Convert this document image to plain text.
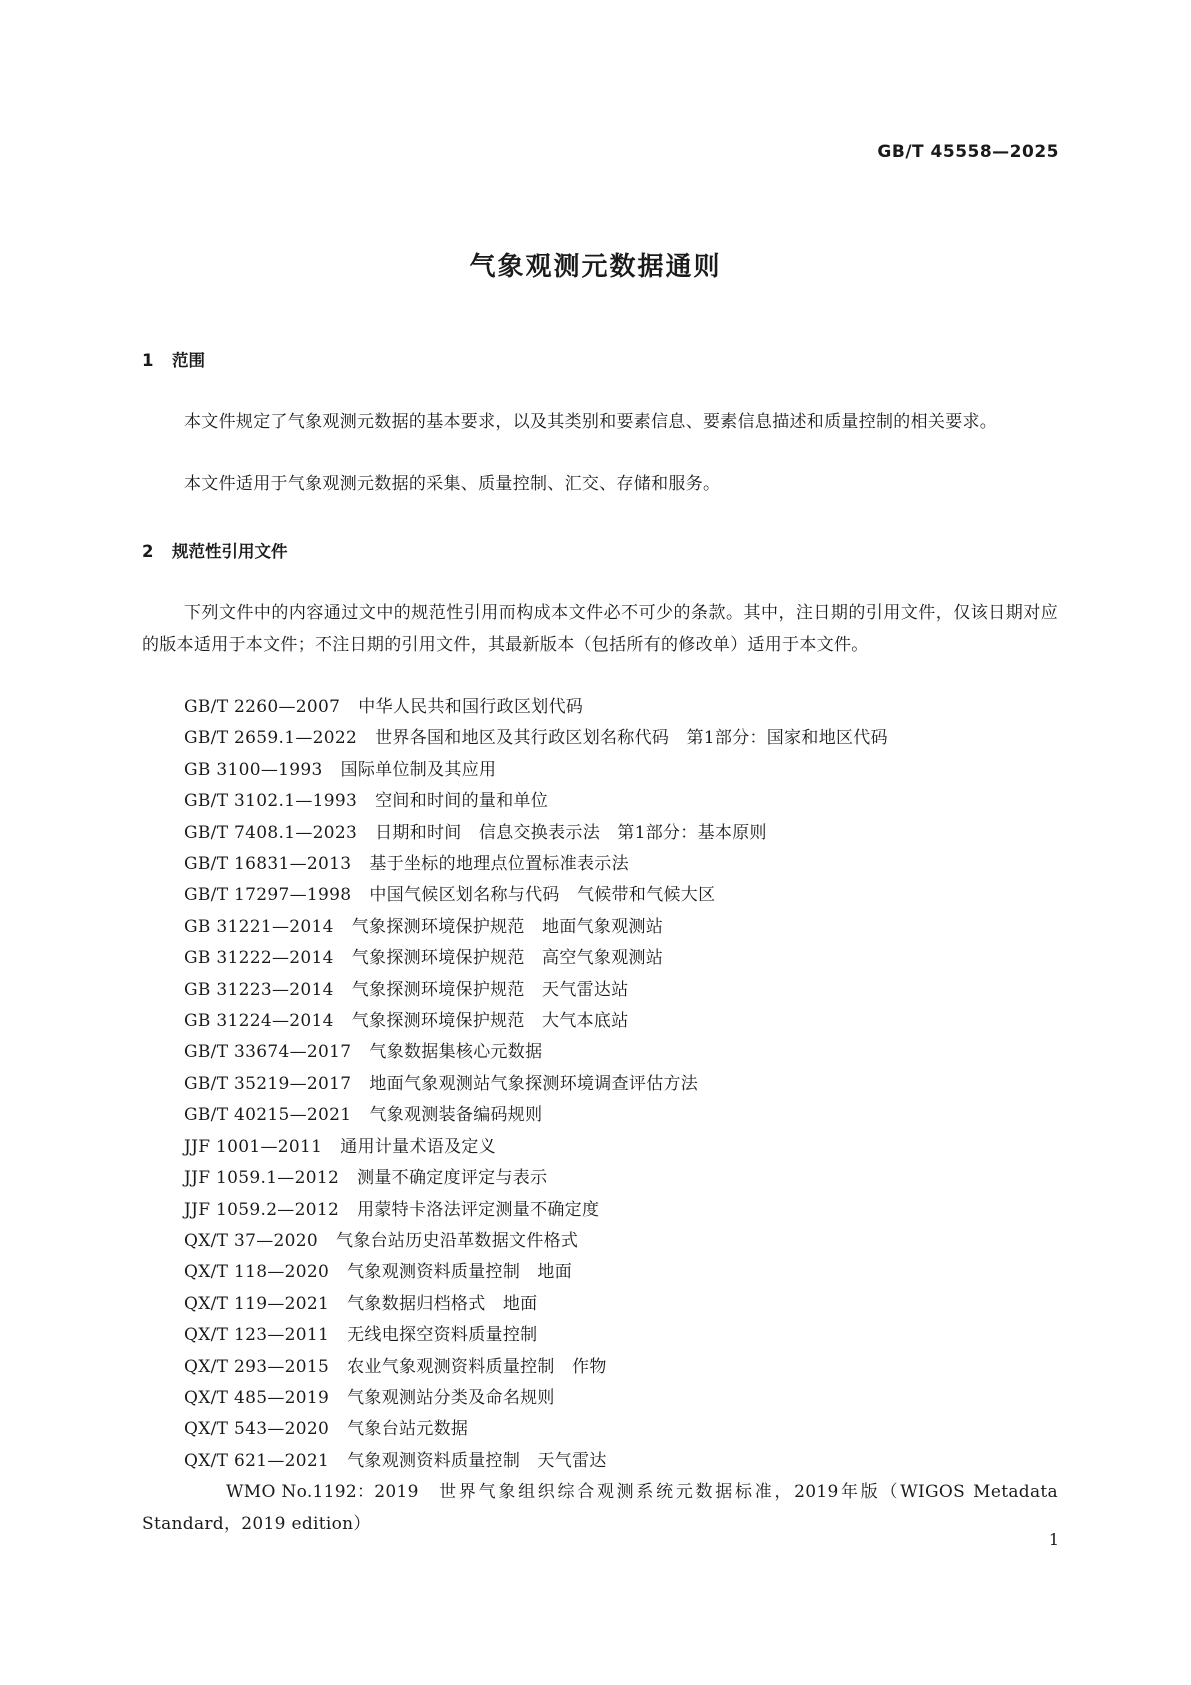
GB/T 45558—2025
气象观测元数据通则
1 范围

本文件规定了气象观测元数据的基本要求，以及其类别和要素信息、要素信息描述和质量控制的相关要求。

本文件适用于气象观测元数据的采集、质量控制、汇交、存储和服务。

2 规范性引用文件

下列文件中的内容通过文中的规范性引用而构成本文件必不可少的条款。其中，注日期的引用文件，仅该日期对应的版本适用于本文件；不注日期的引用文件，其最新版本（包括所有的修改单）适用于本文件。

GB/T 2260—2007 中华人民共和国行政区划代码
GB/T 2659.1—2022 世界各国和地区及其行政区划名称代码　第1部分：国家和地区代码
GB 3100—1993 国际单位制及其应用
GB/T 3102.1—1993 空间和时间的量和单位
GB/T 7408.1—2023 日期和时间　信息交换表示法　第1部分：基本原则
GB/T 16831—2013 基于坐标的地理点位置标准表示法
GB/T 17297—1998 中国气候区划名称与代码　气候带和气候大区
GB 31221—2014 气象探测环境保护规范　地面气象观测站
GB 31222—2014 气象探测环境保护规范　高空气象观测站
GB 31223—2014 气象探测环境保护规范　天气雷达站
GB 31224—2014 气象探测环境保护规范　大气本底站
GB/T 33674—2017 气象数据集核心元数据
GB/T 35219—2017 地面气象观测站气象探测环境调查评估方法
GB/T 40215—2021 气象观测装备编码规则
JJF 1001—2011 通用计量术语及定义
JJF 1059.1—2012 测量不确定度评定与表示
JJF 1059.2—2012 用蒙特卡洛法评定测量不确定度
QX/T 37—2020 气象台站历史沿革数据文件格式
QX/T 118—2020 气象观测资料质量控制　地面
QX/T 119—2021 气象数据归档格式　地面
QX/T 123—2011 无线电探空资料质量控制
QX/T 293—2015 农业气象观测资料质量控制　作物
QX/T 485—2019 气象观测站分类及命名规则
QX/T 543—2020 气象台站元数据
QX/T 621—2021 气象观测资料质量控制　天气雷达
WMO No.1192：2019 世界气象组织综合观测系统元数据标准，2019年版（WIGOS Metadata Standard，2019 edition）
1
